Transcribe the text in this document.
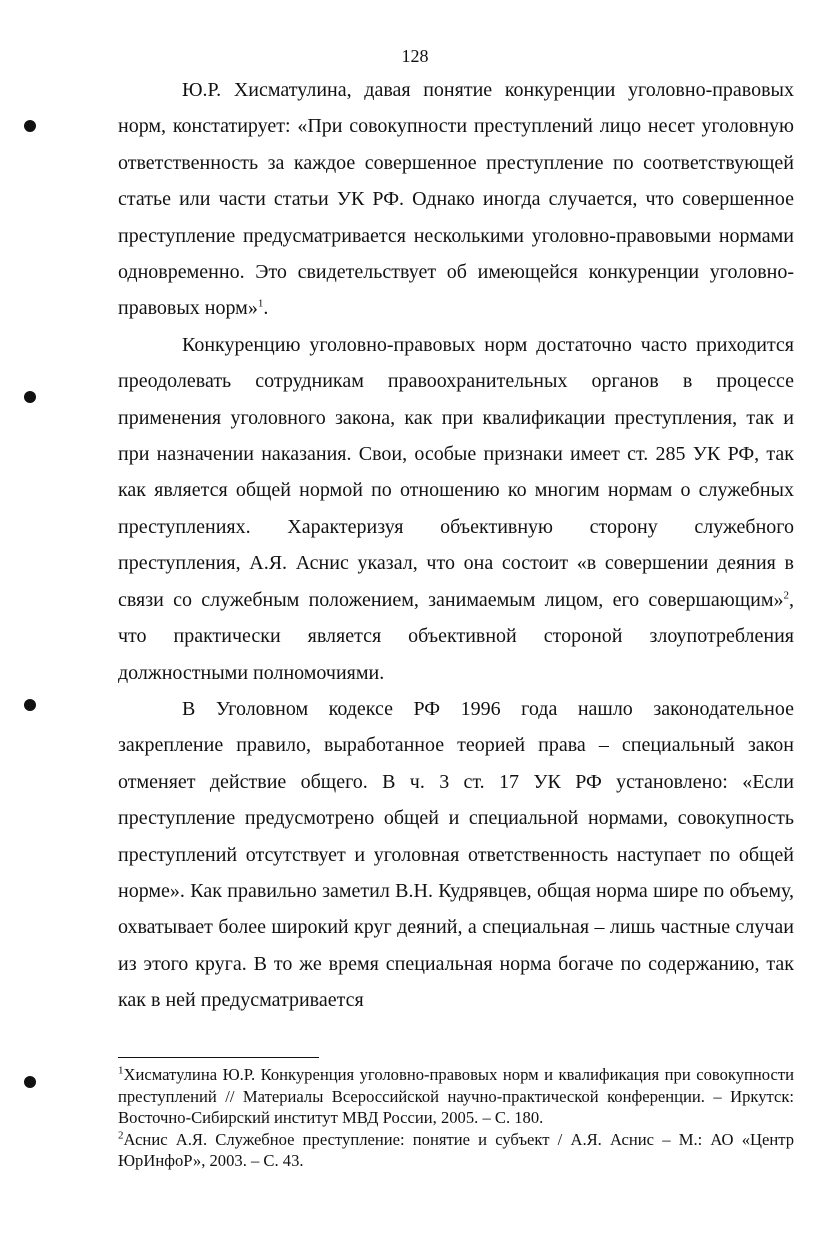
128

Ю.Р. Хисматулина, давая понятие конкуренции уголовно-правовых норм, констатирует: «При совокупности преступлений лицо несет уголовную ответственность за каждое совершенное преступление по соответствующей статье или части статьи УК РФ. Однако иногда случается, что совершенное преступление предусматривается несколькими уголовно-правовыми нормами одновременно. Это свидетельствует об имеющейся конкуренции уголовно-правовых норм»$^1$.

Конкуренцию уголовно-правовых норм достаточно часто приходится преодолевать сотрудникам правоохранительных органов в процессе применения уголовного закона, как при квалификации преступления, так и при назначении наказания. Свои, особые признаки имеет ст. 285 УК РФ, так как является общей нормой по отношению ко многим нормам о служебных преступлениях. Характеризуя объективную сторону служебного преступления, А.Я. Аснис указал, что она состоит «в совершении деяния в связи со служебным положением, занимаемым лицом, его совершающим»$^2$, что практически является объективной стороной злоупотребления должностными полномочиями.

В Уголовном кодексе РФ 1996 года нашло законодательное закрепление правило, выработанное теорией права – специальный закон отменяет действие общего. В ч. 3 ст. 17 УК РФ установлено: «Если преступление предусмотрено общей и специальной нормами, совокупность преступлений отсутствует и уголовная ответственность наступает по общей норме». Как правильно заметил В.Н. Кудрявцев, общая норма шире по объему, охватывает более широкий круг деяний, а специальная – лишь частные случаи из этого круга. В то же время специальная норма богаче по содержанию, так как в ней предусматривается

$^1$Хисматулина Ю.Р. Конкуренция уголовно-правовых норм и квалификация при совокупности преступлений // Материалы Всероссийской научно-практической конференции. – Иркутск: Восточно-Сибирский институт МВД России, 2005. – С. 180.

$^2$Аснис А.Я. Служебное преступление: понятие и субъект / А.Я. Аснис – М.: АО «Центр ЮрИнфоР», 2003. – С. 43.
